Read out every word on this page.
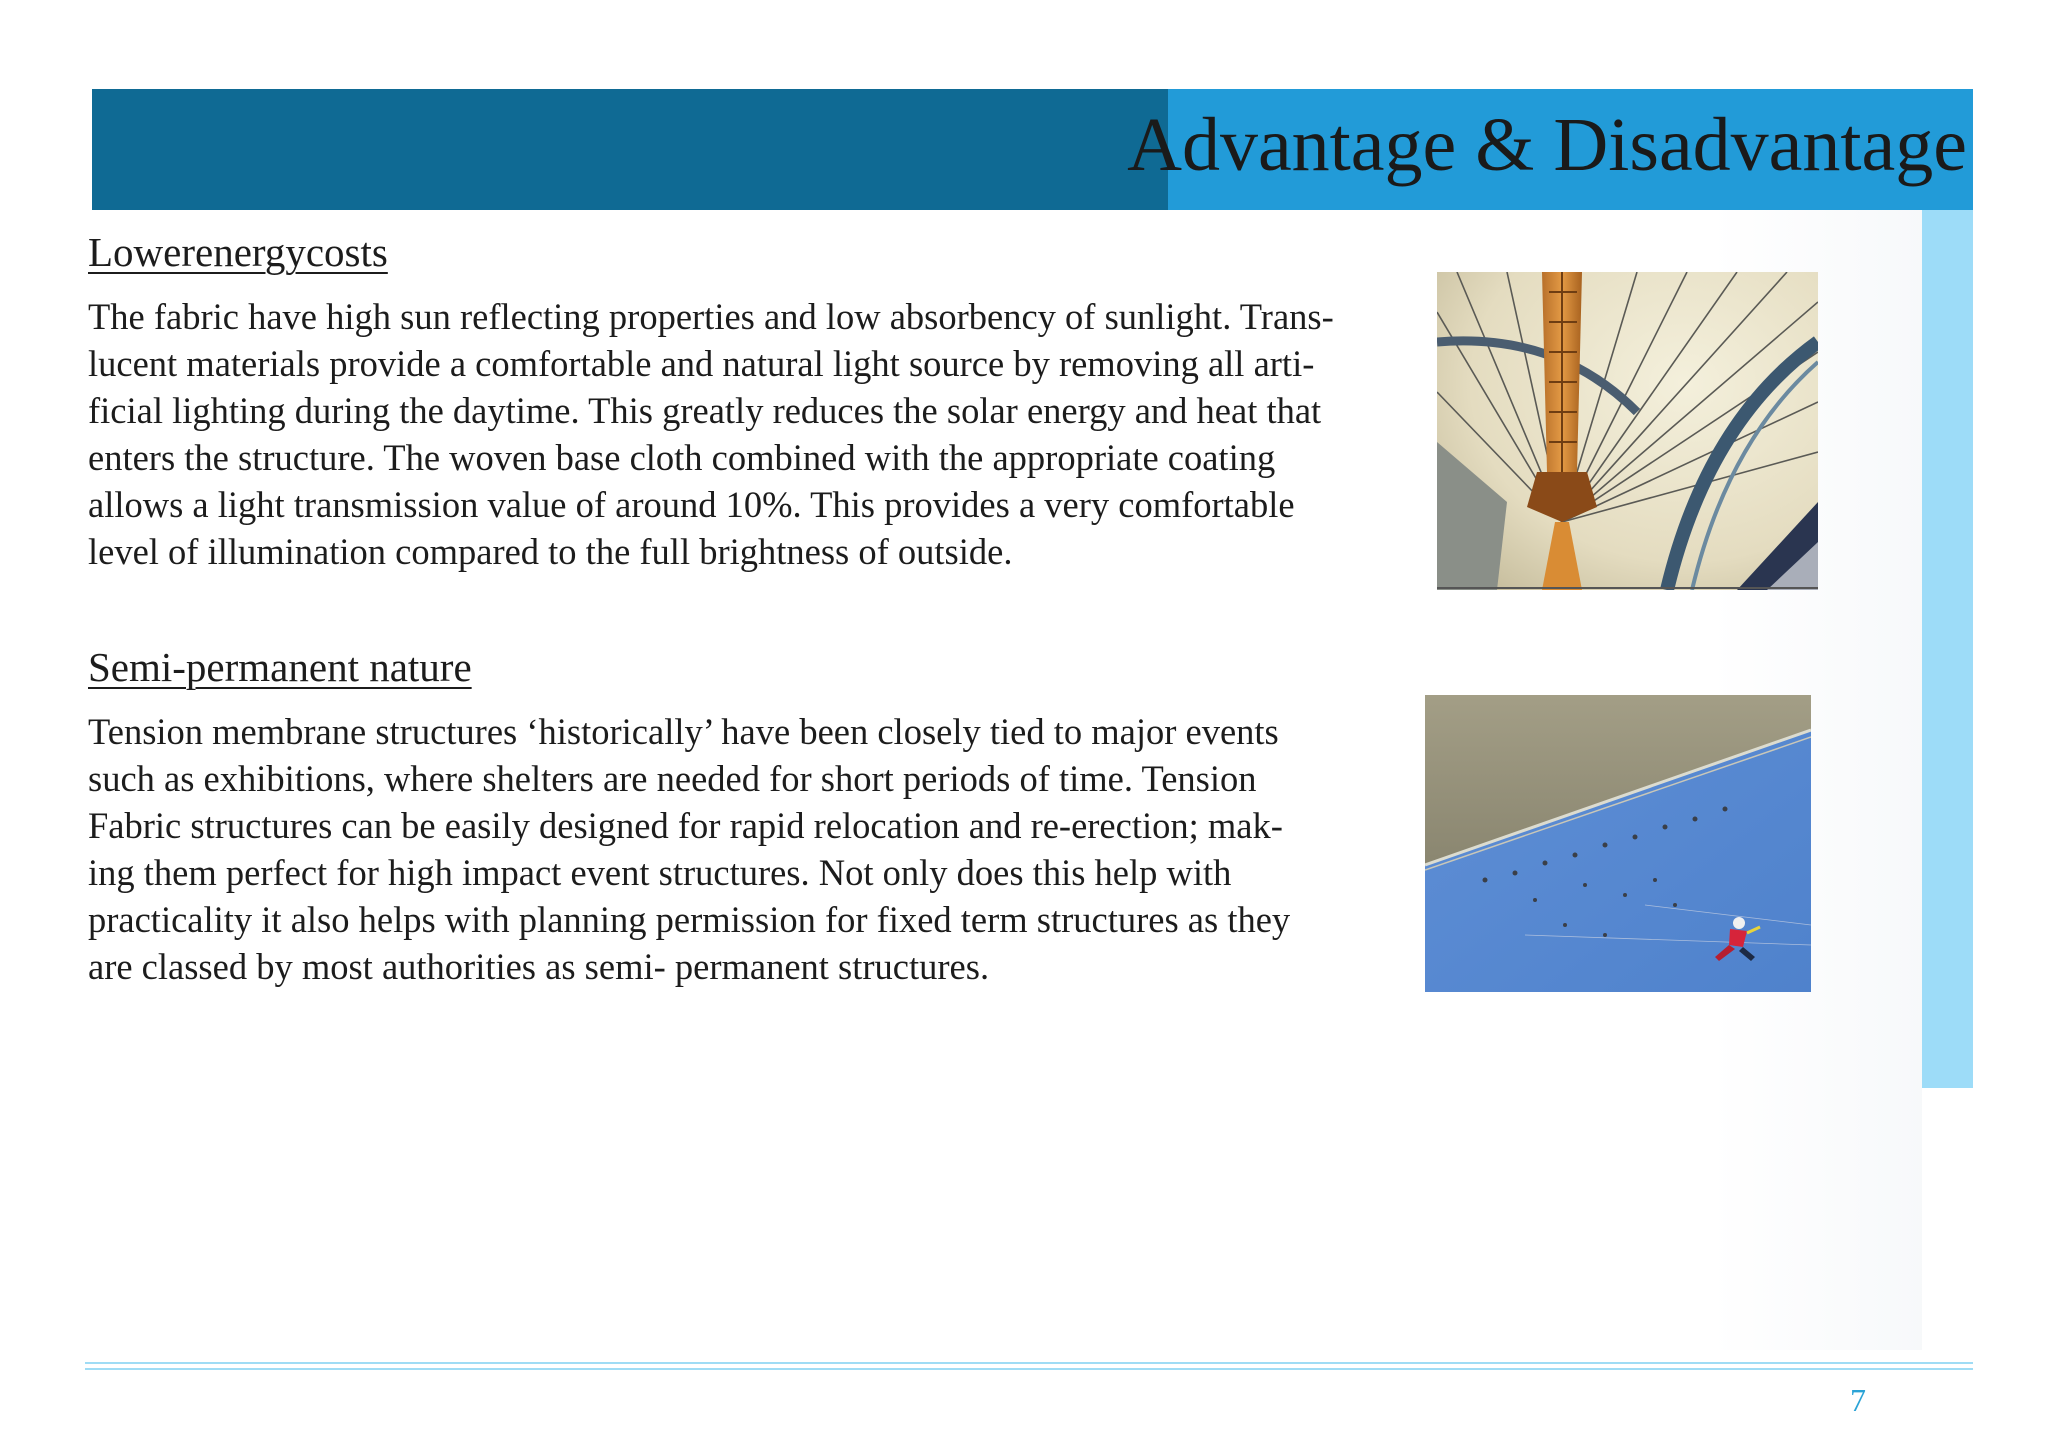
Advantage & Disadvantage
Lowerenergycosts
The fabric have high sun reflecting properties and low absorbency of sunlight. Trans-
lucent materials provide a comfortable and natural light source by removing all arti-
ficial lighting during the daytime. This greatly reduces the solar energy and heat that
enters the structure. The woven base cloth combined with the appropriate coating
allows a light transmission value of around 10%. This provides a very comfortable
level of illumination compared to the full brightness of outside.
Semi-permanent nature
Tension membrane structures ‘historically’ have been closely tied to major events
such as exhibitions, where shelters are needed for short periods of time. Tension
Fabric structures can be easily designed for rapid relocation and re-erection; mak-
ing them perfect for high impact event structures. Not only does this help with
practicality it also helps with planning permission for fixed term structures as they
are classed by most authorities as semi- permanent structures.
7
